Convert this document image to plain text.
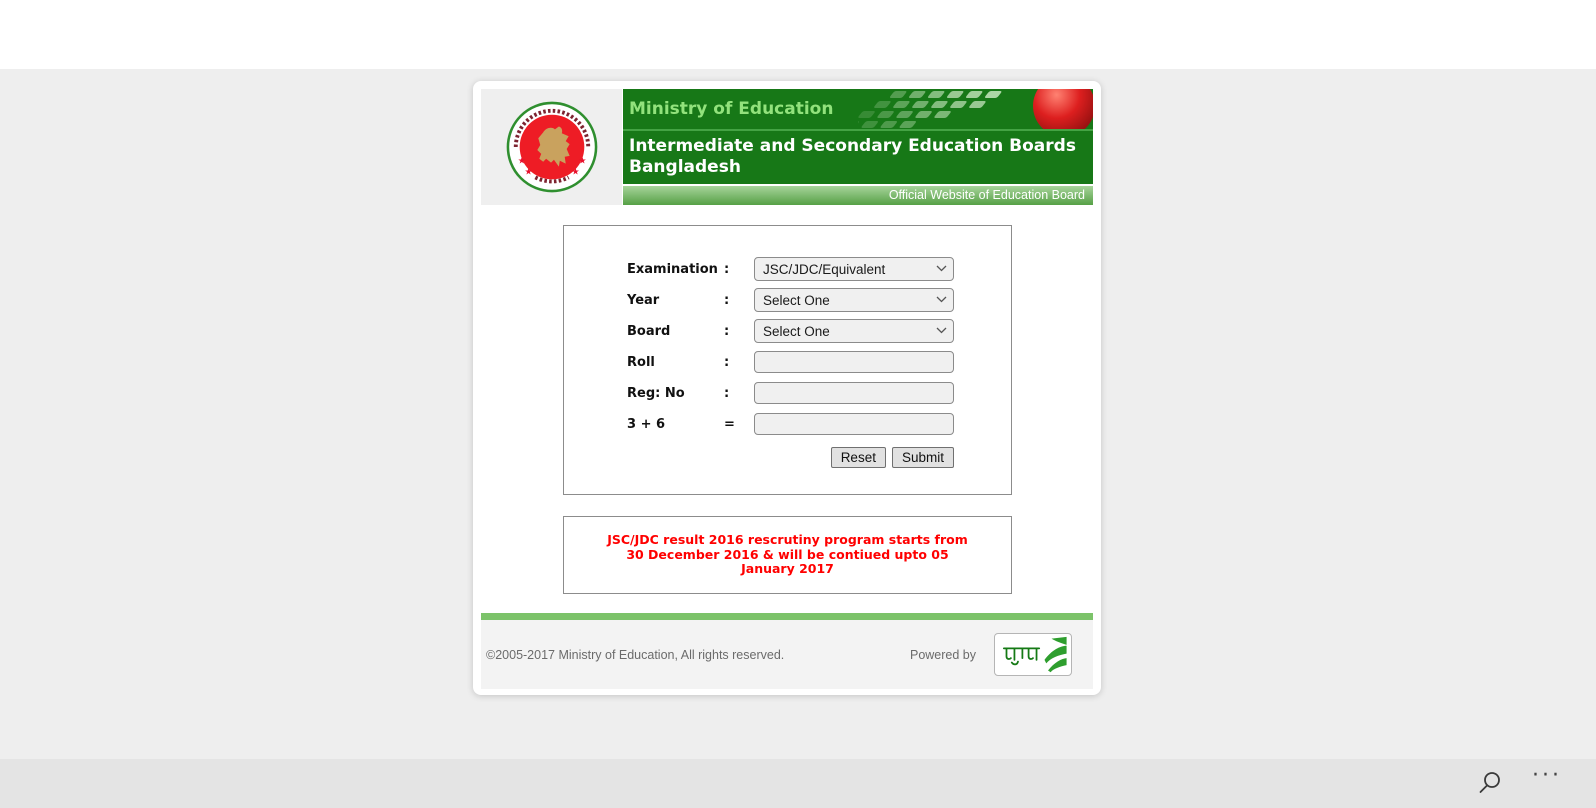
★
★
★
★
Ministry of Education
Intermediate and Secondary Education Boards Bangladesh
Official Website of Education Board
Examination :
JSC/JDC/Equivalent
Year	:
Select One
Board	:
Select One
Roll	:
Reg: No	:
3 + 6	=
Reset	Submit
JSC/JDC result 2016 rescrutiny program starts from 30 December 2016 & will be contiued upto 05 January 2017
©2005-2017 Ministry of Education, All rights reserved.	Powered by
···
